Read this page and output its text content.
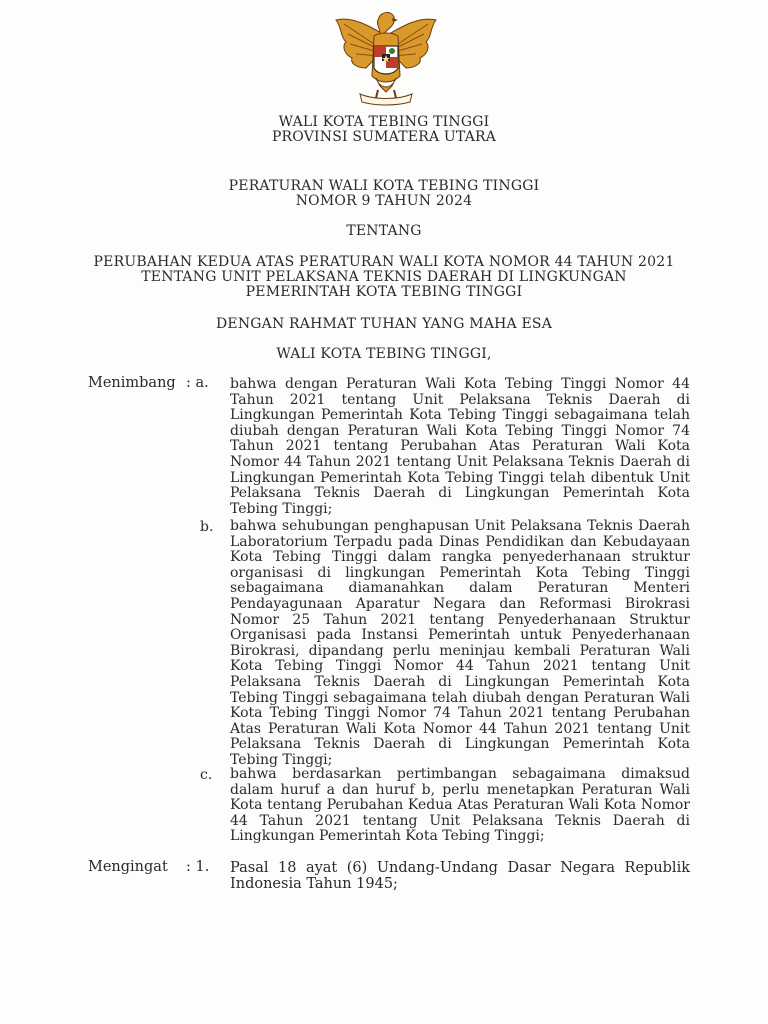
WALI KOTA TEBING TINGGI
PROVINSI SUMATERA UTARA
PERATURAN WALI KOTA TEBING TINGGI
NOMOR 9 TAHUN 2024
TENTANG
PERUBAHAN KEDUA ATAS PERATURAN WALI KOTA NOMOR 44 TAHUN 2021
TENTANG UNIT PELAKSANA TEKNIS DAERAH DI LINGKUNGAN
PEMERINTAH KOTA TEBING TINGGI
DENGAN RAHMAT TUHAN YANG MAHA ESA
WALI KOTA TEBING TINGGI,
Menimbang : a. bahwa dengan Peraturan Wali Kota Tebing Tinggi Nomor 44 Tahun 2021 tentang Unit Pelaksana Teknis Daerah di Lingkungan Pemerintah Kota Tebing Tinggi sebagaimana telah diubah dengan Peraturan Wali Kota Tebing Tinggi Nomor 74 Tahun 2021 tentang Perubahan Atas Peraturan Wali Kota Nomor 44 Tahun 2021 tentang Unit Pelaksana Teknis Daerah di Lingkungan Pemerintah Kota Tebing Tinggi telah dibentuk Unit Pelaksana Teknis Daerah di Lingkungan Pemerintah Kota Tebing Tinggi;

b. bahwa sehubungan penghapusan Unit Pelaksana Teknis Daerah Laboratorium Terpadu pada Dinas Pendidikan dan Kebudayaan Kota Tebing Tinggi dalam rangka penyederhanaan struktur organisasi di lingkungan Pemerintah Kota Tebing Tinggi sebagaimana diamanahkan dalam Peraturan Menteri Pendayagunaan Aparatur Negara dan Reformasi Birokrasi Nomor 25 Tahun 2021 tentang Penyederhanaan Struktur Organisasi pada Instansi Pemerintah untuk Penyederhanaan Birokrasi, dipandang perlu meninjau kembali Peraturan Wali Kota Tebing Tinggi Nomor 44 Tahun 2021 tentang Unit Pelaksana Teknis Daerah di Lingkungan Pemerintah Kota Tebing Tinggi sebagaimana telah diubah dengan Peraturan Wali Kota Tebing Tinggi Nomor 74 Tahun 2021 tentang Perubahan Atas Peraturan Wali Kota Nomor 44 Tahun 2021 tentang Unit Pelaksana Teknis Daerah di Lingkungan Pemerintah Kota Tebing Tinggi;

c. bahwa berdasarkan pertimbangan sebagaimana dimaksud dalam huruf a dan huruf b, perlu menetapkan Peraturan Wali Kota tentang Perubahan Kedua Atas Peraturan Wali Kota Nomor 44 Tahun 2021 tentang Unit Pelaksana Teknis Daerah di Lingkungan Pemerintah Kota Tebing Tinggi;

Mengingat : 1. Pasal 18 ayat (6) Undang-Undang Dasar Negara Republik Indonesia Tahun 1945;
